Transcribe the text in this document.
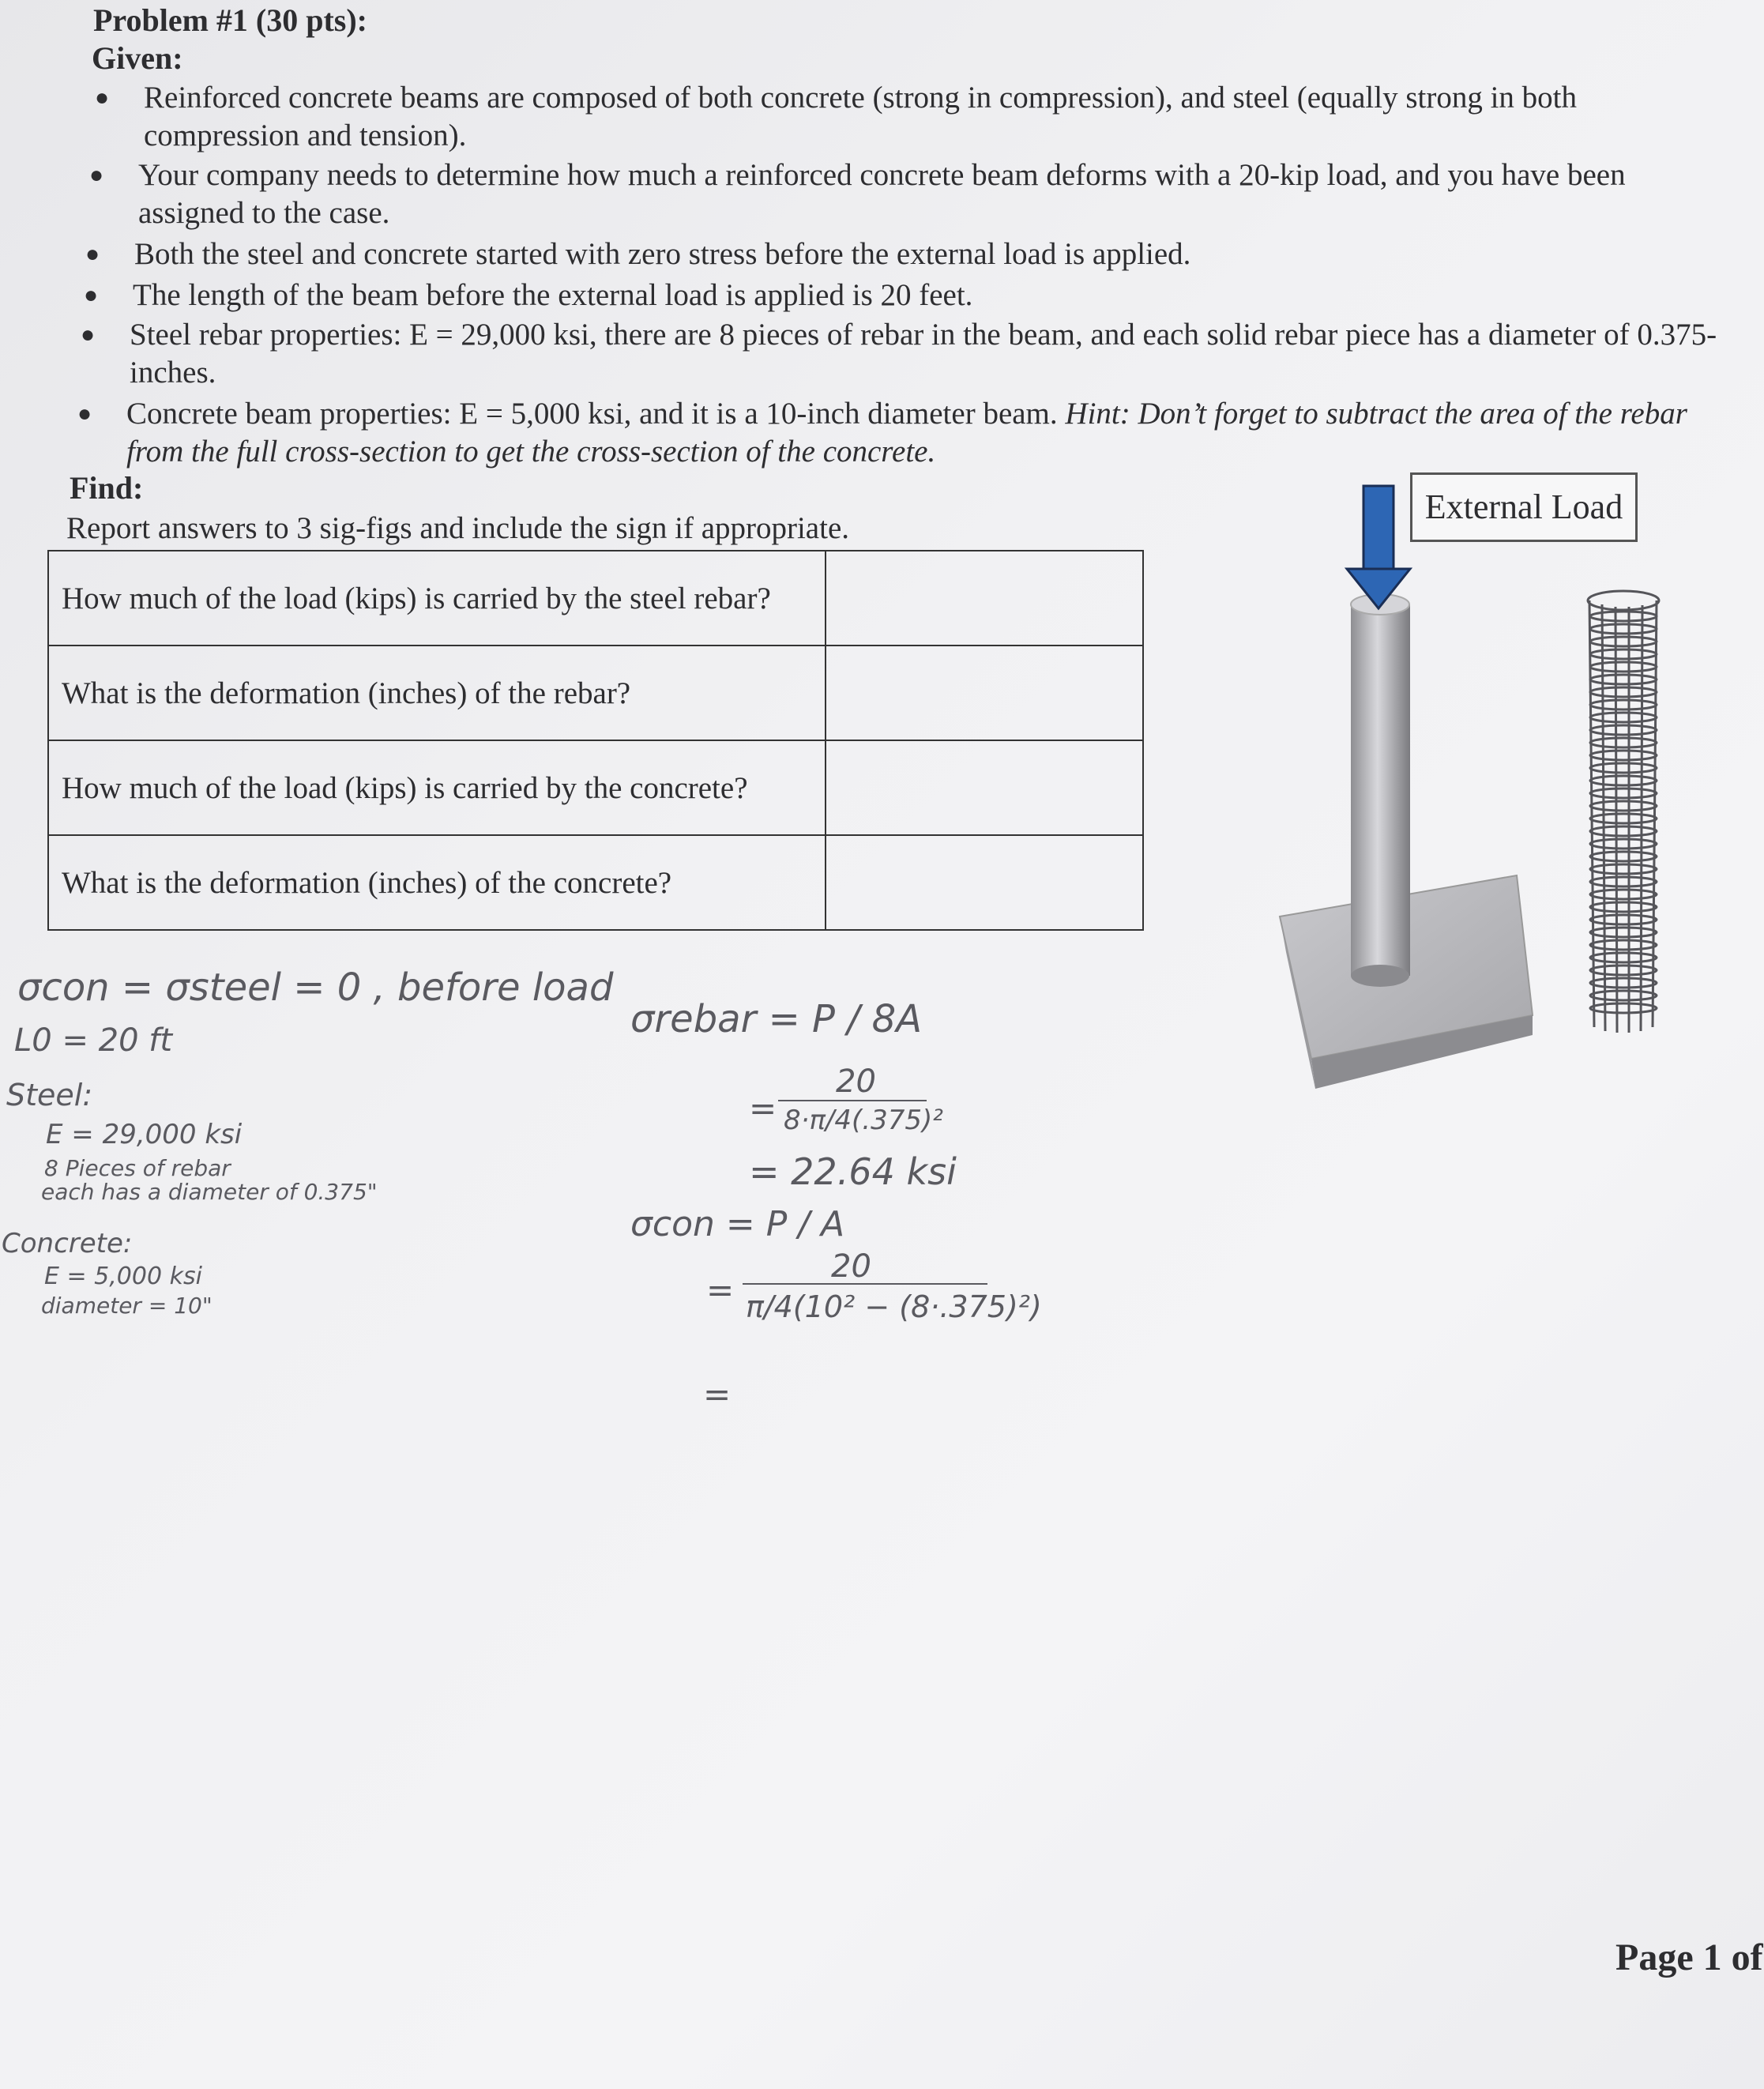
Problem #1 (30 pts):
Given:
● Reinforced concrete beams are composed of both concrete (strong in compression), and steel (equally strong in both compression and tension).
● Your company needs to determine how much a reinforced concrete beam deforms with a 20-kip load, and you have been assigned to the case.
● Both the steel and concrete started with zero stress before the external load is applied.
● The length of the beam before the external load is applied is 20 feet.
● Steel rebar properties: E = 29,000 ksi, there are 8 pieces of rebar in the beam, and each solid rebar piece has a diameter of 0.375-inches.
● Concrete beam properties: E = 5,000 ksi, and it is a 10-inch diameter beam. Hint: Don’t forget to subtract the area of the rebar from the full cross-section to get the cross-section of the concrete.
Find:
Report answers to 3 sig-figs and include the sign if appropriate.
How much of the load (kips) is carried by the steel rebar?	
What is the deformation (inches) of the rebar?	
How much of the load (kips) is carried by the concrete?	
What is the deformation (inches) of the concrete?	
External Load
σcon = σsteel = 0 , before load
L0 = 20 ft
Steel:
E = 29,000 ksi
8 Pieces of rebar
each has a diameter of 0.375"
Concrete:
E = 5,000 ksi
diameter = 10"
σrebar = P / 8A
20
= 8·π/4(.375)²
= 22.64 ksi
σcon = P / A
20
= π/4(10² − (8·.375)²)
=
Page 1 of
